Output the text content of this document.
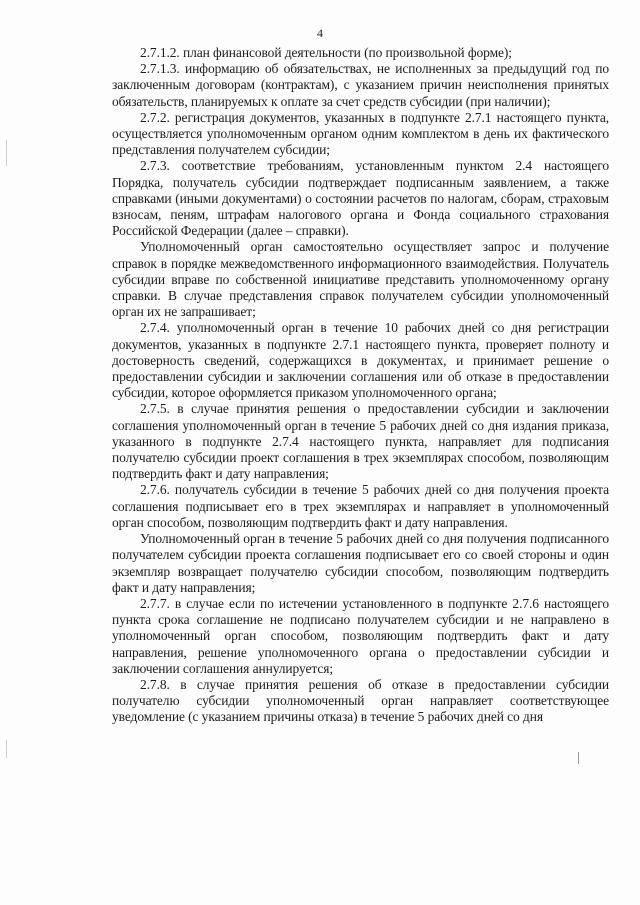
4

2.7.1.2. план финансовой деятельности (по произвольной форме);

2.7.1.3. информацию об обязательствах, не исполненных за предыдущий год по заключенным договорам (контрактам), с указанием причин неисполнения принятых обязательств, планируемых к оплате за счет средств субсидии (при наличии);

2.7.2. регистрация документов, указанных в подпункте 2.7.1 настоящего пункта, осуществляется уполномоченным органом одним комплектом в день их фактического представления получателем субсидии;

2.7.3. соответствие требованиям, установленным пунктом 2.4 настоящего Порядка, получатель субсидии подтверждает подписанным заявлением, а также справками (иными документами) о состоянии расчетов по налогам, сборам, страховым взносам, пеням, штрафам налогового органа и Фонда социального страхования Российской Федерации (далее – справки).

Уполномоченный орган самостоятельно осуществляет запрос и получение справок в порядке межведомственного информационного взаимодействия. Получатель субсидии вправе по собственной инициативе представить уполномоченному органу справки. В случае представления справок получателем субсидии уполномоченный орган их не запрашивает;

2.7.4. уполномоченный орган в течение 10 рабочих дней со дня регистрации документов, указанных в подпункте 2.7.1 настоящего пункта, проверяет полноту и достоверность сведений, содержащихся в документах, и принимает решение о предоставлении субсидии и заключении соглашения или об отказе в предоставлении субсидии, которое оформляется приказом уполномоченного органа;

2.7.5. в случае принятия решения о предоставлении субсидии и заключении соглашения уполномоченный орган в течение 5 рабочих дней со дня издания приказа, указанного в подпункте 2.7.4 настоящего пункта, направляет для подписания получателю субсидии проект соглашения в трех экземплярах способом, позволяющим подтвердить факт и дату направления;

2.7.6. получатель субсидии в течение 5 рабочих дней со дня получения проекта соглашения подписывает его в трех экземплярах и направляет в уполномоченный орган способом, позволяющим подтвердить факт и дату направления.

Уполномоченный орган в течение 5 рабочих дней со дня получения подписанного получателем субсидии проекта соглашения подписывает его со своей стороны и один экземпляр возвращает получателю субсидии способом, позволяющим подтвердить факт и дату направления;

2.7.7. в случае если по истечении установленного в подпункте 2.7.6 настоящего пункта срока соглашение не подписано получателем субсидии и не направлено в уполномоченный орган способом, позволяющим подтвердить факт и дату направления, решение уполномоченного органа о предоставлении субсидии и заключении соглашения аннулируется;

2.7.8. в случае принятия решения об отказе в предоставлении субсидии получателю субсидии уполномоченный орган направляет соответствующее уведомление (с указанием причины отказа) в течение 5 рабочих дней со дня
